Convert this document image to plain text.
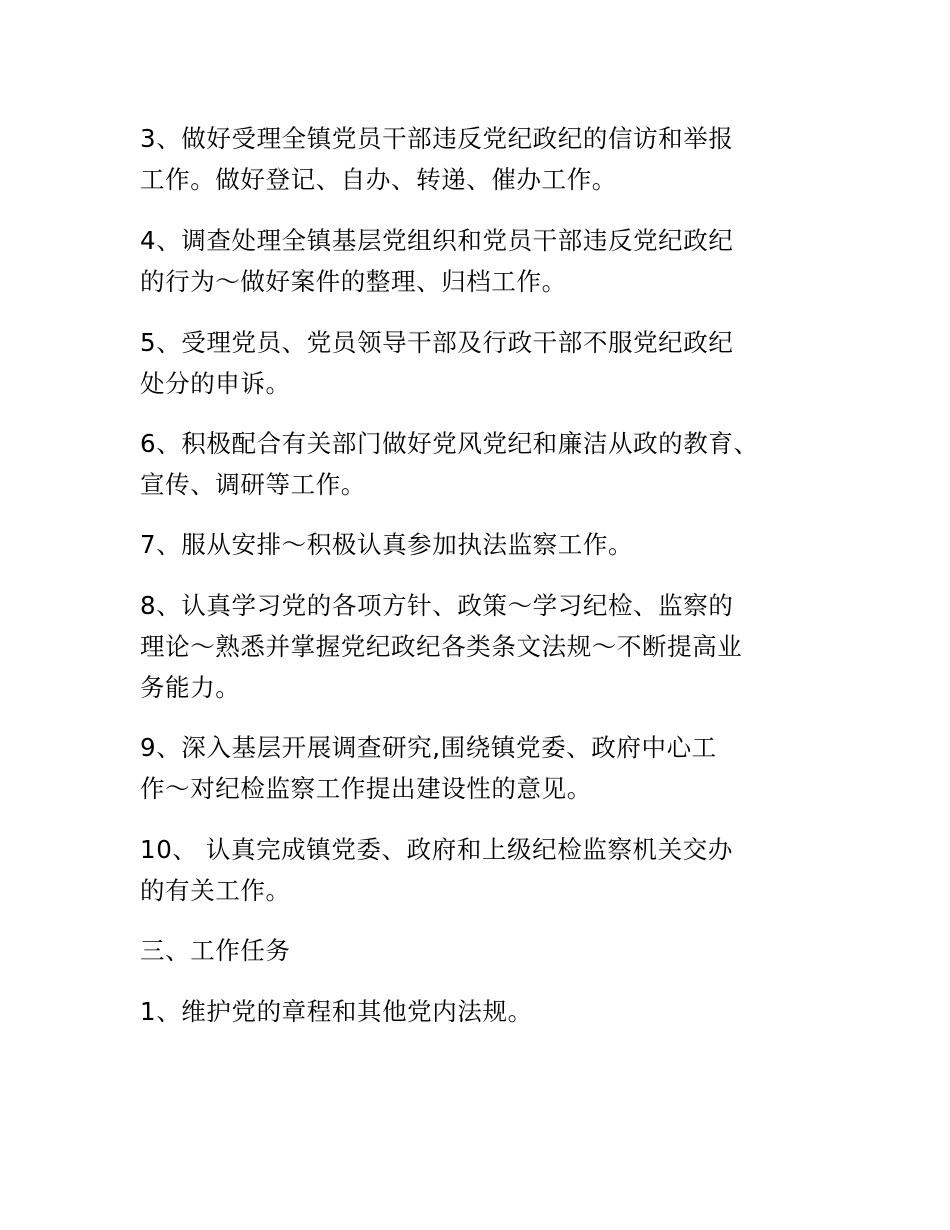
3、做好受理全镇党员干部违反党纪政纪的信访和举报
工作。做好登记、自办、转递、催办工作。
4、调查处理全镇基层党组织和党员干部违反党纪政纪
的行为～做好案件的整理、归档工作。
5、受理党员、党员领导干部及行政干部不服党纪政纪
处分的申诉。
6、积极配合有关部门做好党风党纪和廉洁从政的教育、
宣传、调研等工作。
7、服从安排～积极认真参加执法监察工作。
8、认真学习党的各项方针、政策～学习纪检、监察的
理论～熟悉并掌握党纪政纪各类条文法规～不断提高业
务能力。
9、深入基层开展调查研究,围绕镇党委、政府中心工
作～对纪检监察工作提出建设性的意见。
10、 认真完成镇党委、政府和上级纪检监察机关交办
的有关工作。
三、工作任务
1、维护党的章程和其他党内法规。
